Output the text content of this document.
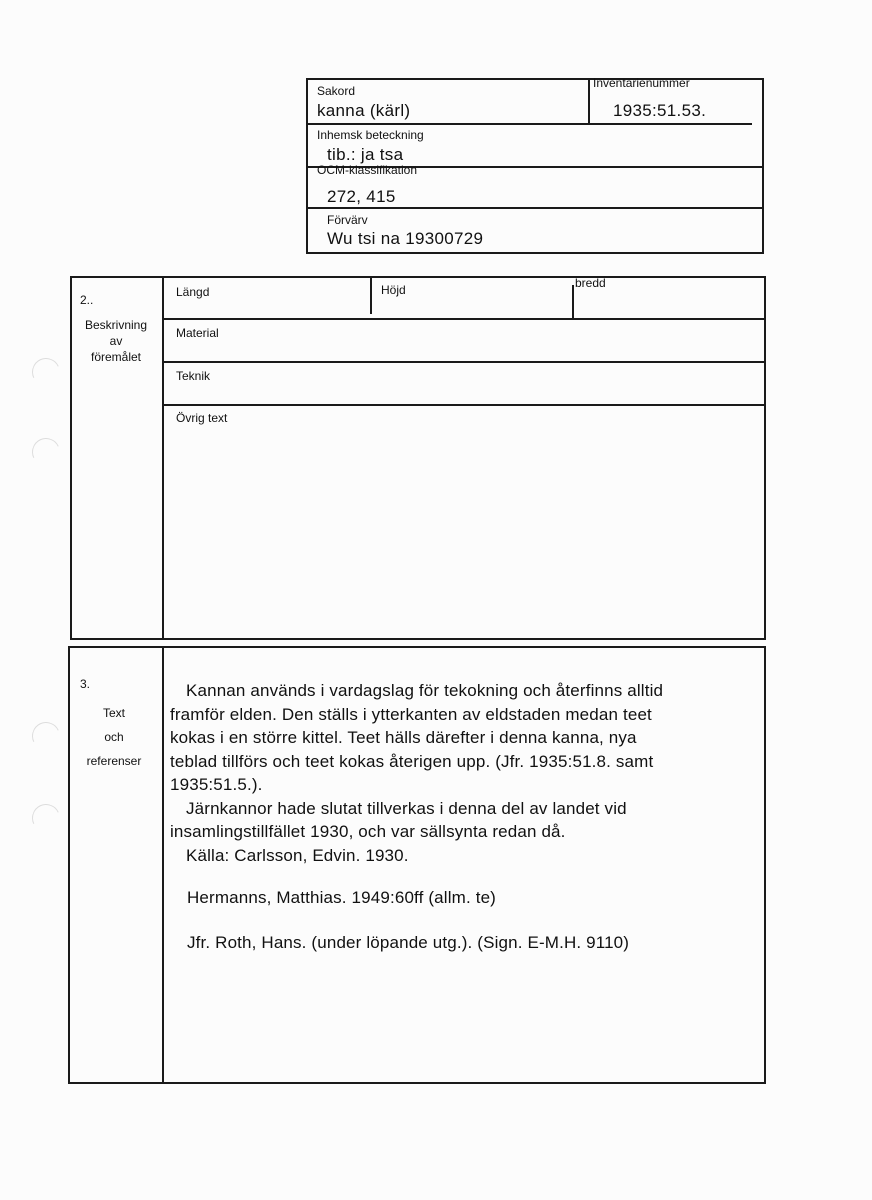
Sakord
kanna (kärl)
Inventarienummer
1935:51.53.
Inhemsk beteckning
tib.: ja tsa
OCM-klassifikation
272, 415
Förvärv
Wu tsi na 19300729
2..
Beskrivning
av
föremålet
Längd	Höjd	bredd
Material
Teknik
Övrig text
3.
Text
och
referenser
Kannan används i vardagslag för tekokning och återfinns alltid
framför elden. Den ställs i ytterkanten av eldstaden medan teet
kokas i en större kittel. Teet hälls därefter i denna kanna, nya
teblad tillförs och teet kokas återigen upp. (Jfr. 1935:51.8. samt
1935:51.5.).
Järnkannor hade slutat tillverkas i denna del av landet vid
insamlingstillfället 1930, och var sällsynta redan då.
Källa: Carlsson, Edvin. 1930.
Hermanns, Matthias. 1949:60ff (allm. te)
Jfr. Roth, Hans. (under löpande utg.). (Sign. E-M.H. 9110)
